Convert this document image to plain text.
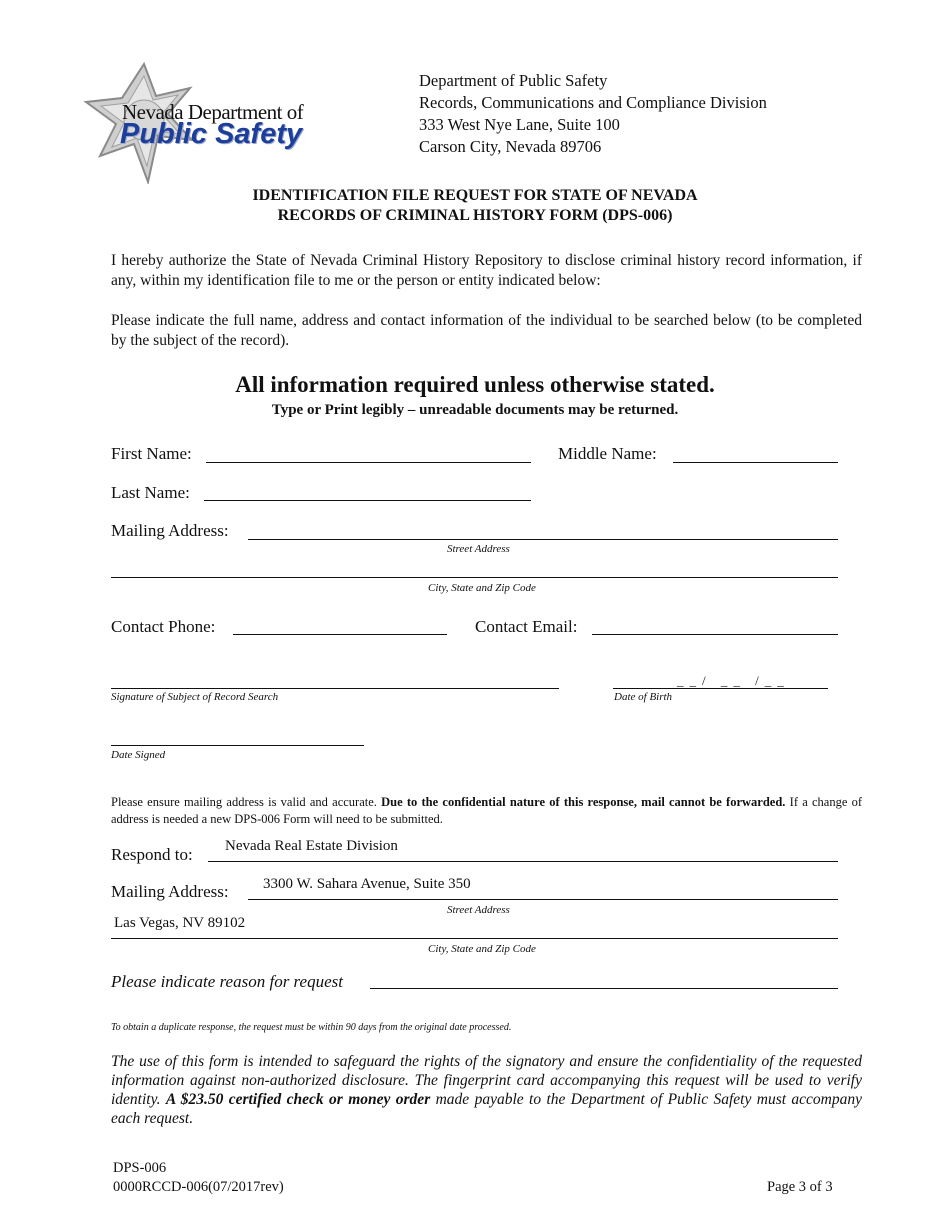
Nevada Department of
Public Safety
Department of Public Safety
Records, Communications and Compliance Division
333 West Nye Lane, Suite 100
Carson City, Nevada 89706
IDENTIFICATION FILE REQUEST FOR STATE OF NEVADA
RECORDS OF CRIMINAL HISTORY FORM (DPS-006)
I hereby authorize the State of Nevada Criminal History Repository to disclose criminal history record information, if any, within my identification file to me or the person or entity indicated below:
Please indicate the full name, address and contact information of the individual to be searched below (to be completed by the subject of the record).
All information required unless otherwise stated.
Type or Print legibly – unreadable documents may be returned.
First Name:	Middle Name:
Last Name:
Mailing Address:
Street Address
City, State and Zip Code
Contact Phone:	Contact Email:
Signature of Subject of Record Search
__/ __ /__
Date of Birth
Date Signed
Please ensure mailing address is valid and accurate. Due to the confidential nature of this response, mail cannot be forwarded. If a change of address is needed a new DPS-006 Form will need to be submitted.
Respond to: Nevada Real Estate Division
Mailing Address: 3300 W. Sahara Avenue, Suite 350
Street Address
Las Vegas, NV 89102
City, State and Zip Code
Please indicate reason for request
To obtain a duplicate response, the request must be within 90 days from the original date processed.
The use of this form is intended to safeguard the rights of the signatory and ensure the confidentiality of the requested information against non-authorized disclosure. The fingerprint card accompanying this request will be used to verify identity. A $23.50 certified check or money order made payable to the Department of Public Safety must accompany each request.
DPS-006
0000RCCD-006(07/2017rev)	Page 3 of 3
